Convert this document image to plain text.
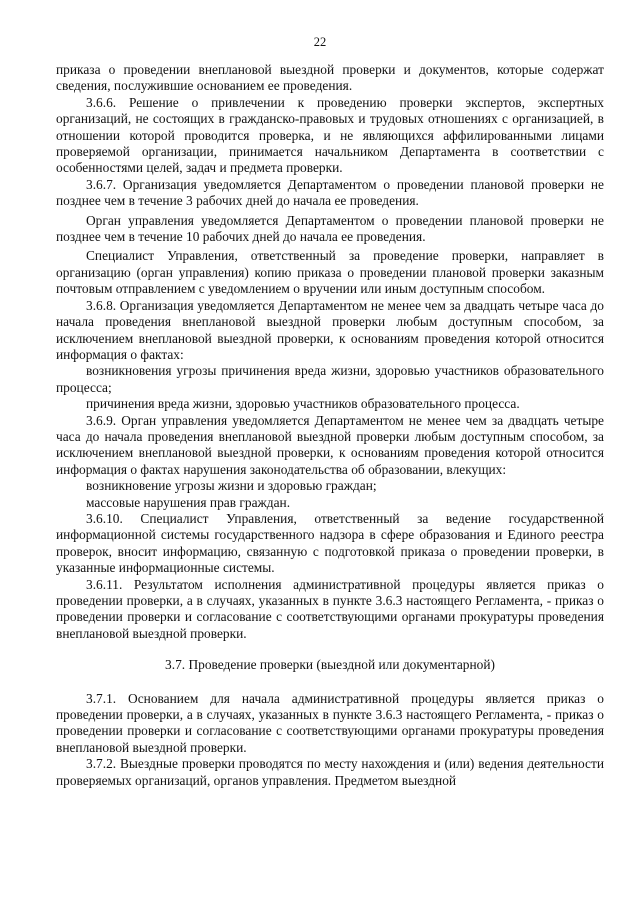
22

приказа о проведении внеплановой выездной проверки и документов, которые содержат сведения, послужившие основанием ее проведения.

3.6.6. Решение о привлечении к проведению проверки экспертов, экспертных организаций, не состоящих в гражданско-правовых и трудовых отношениях с организацией, в отношении которой проводится проверка, и не являющихся аффилированными лицами проверяемой организации, принимается начальником Департамента в соответствии с особенностями целей, задач и предмета проверки.

3.6.7. Организация уведомляется Департаментом о проведении плановой проверки не позднее чем в течение 3 рабочих дней до начала ее проведения.

Орган управления уведомляется Департаментом о проведении плановой проверки не позднее чем в течение 10 рабочих дней до начала ее проведения.

Специалист Управления, ответственный за проведение проверки, направляет в организацию (орган управления) копию приказа о проведении плановой проверки заказным почтовым отправлением с уведомлением о вручении или иным доступным способом.

3.6.8. Организация уведомляется Департаментом не менее чем за двадцать четыре часа до начала проведения внеплановой выездной проверки любым доступным способом, за исключением внеплановой выездной проверки, к основаниям проведения которой относится информация о фактах:

возникновения угрозы причинения вреда жизни, здоровью участников образовательного процесса;

причинения вреда жизни, здоровью участников образовательного процесса.

3.6.9. Орган управления уведомляется Департаментом не менее чем за двадцать четыре часа до начала проведения внеплановой выездной проверки любым доступным способом, за исключением внеплановой выездной проверки, к основаниям проведения которой относится информация о фактах нарушения законодательства об образовании, влекущих:

возникновение угрозы жизни и здоровью граждан;

массовые нарушения прав граждан.

3.6.10. Специалист Управления, ответственный за ведение государственной информационной системы государственного надзора в сфере образования и Единого реестра проверок, вносит информацию, связанную с подготовкой приказа о проведении проверки, в указанные информационные системы.

3.6.11. Результатом исполнения административной процедуры является приказ о проведении проверки, а в случаях, указанных в пункте 3.6.3 настоящего Регламента, - приказ о проведении проверки и согласование с соответствующими органами прокуратуры проведения внеплановой выездной проверки.

3.7. Проведение проверки (выездной или документарной)

3.7.1. Основанием для начала административной процедуры является приказ о проведении проверки, а в случаях, указанных в пункте 3.6.3 настоящего Регламента, - приказ о проведении проверки и согласование с соответствующими органами прокуратуры проведения внеплановой выездной проверки.

3.7.2. Выездные проверки проводятся по месту нахождения и (или) ведения деятельности проверяемых организаций, органов управления. Предметом выездной
